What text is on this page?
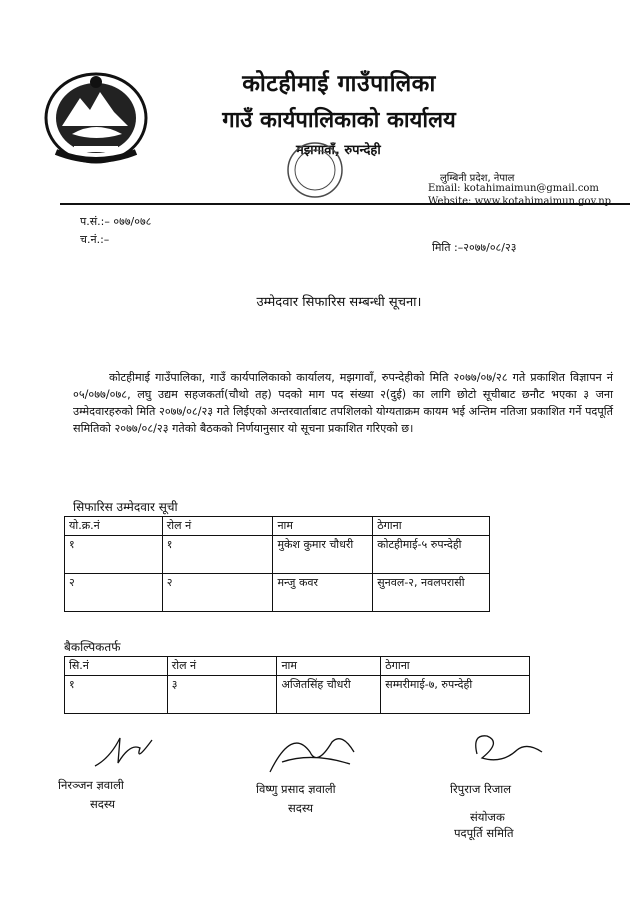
कोटहीमाई गाउँपालिका
गाउँ कार्यपालिकाको कार्यालय
मझगावाँ, रुपन्देही
लुम्बिनी प्रदेश, नेपाल
Email: kotahimaimun@gmail.com
Website: www.kotahimaimun.gov.np
प.सं.:– ०७७/०७८
च.नं.:–
मिति :–२०७७/०८/२३
उम्मेदवार सिफारिस सम्बन्धी सूचना।

कोटहीमाई गाउँपालिका, गाउँ कार्यपालिकाको कार्यालय, मझगावाँ, रुपन्देहीको मिति २०७७/०७/२८ गते प्रकाशित विज्ञापन नं ०५/०७७/०७८, लघु उद्यम सहजकर्ता(चौथो तह) पदको माग पद संख्या २(दुई) का लागि छोटो सूचीबाट छनौट भएका ३ जना उम्मेदवारहरुको मिति २०७७/०८/२३ गते लिईएको अन्तरवार्ताबाट तपशिलको योग्यताक्रम कायम भई अन्तिम नतिजा प्रकाशित गर्ने पदपूर्ति समितिको २०७७/०८/२३ गतेको बैठकको निर्णयानुसार यो सूचना प्रकाशित गरिएको छ।

सिफारिस उम्मेदवार सूची
यो.क्र.नं	रोल नं	नाम	ठेगाना
१	१	मुकेश कुमार चौधरी	कोटहीमाई-५ रुपन्देही
२	२	मन्जु कवर	सुनवल-२, नवलपरासी
बैकल्पिकतर्फ
सि.नं	रोल नं	नाम	ठेगाना
१	३	अजितसिंह चौधरी	सम्मरीमाई-७, रुपन्देही
निरञ्जन ज्ञवाली
सदस्य
विष्णु प्रसाद ज्ञवाली
सदस्य
रिपुराज रिजाल
संयोजक
पदपूर्ति समिति
